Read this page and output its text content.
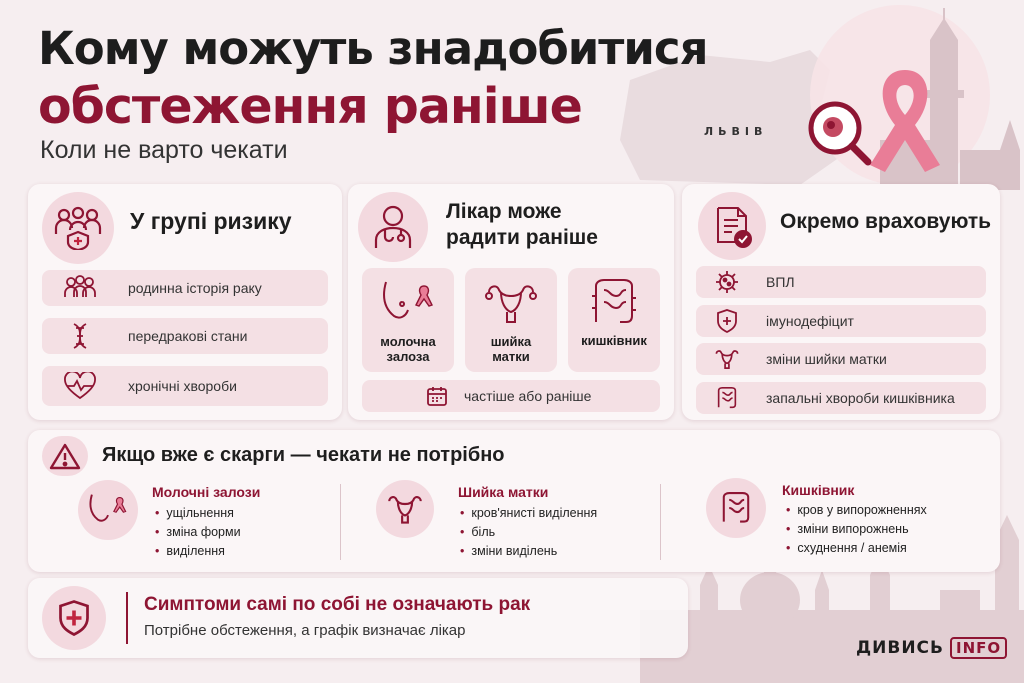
Кому можуть знадобитися
обстеження раніше
Коли не варто чекати
ЛЬВІВ
У групі ризику
родинна історія раку
передракові стани
хронічні хвороби
Лікар може
радити раніше
молочна
залоза
шийка
матки
кишківник
частіше або раніше
Окремо враховують
ВПЛ
імунодефіцит
зміни шийки матки
запальні хвороби кишківника
Якщо вже є скарги — чекати не потрібно
Молочні залози
• ущільнення
• зміна форми
• виділення
Шийка матки
• кров'янисті виділення
• біль
• зміни виділень
Кишківник
• кров у випорожненнях
• зміни випорожнень
• схуднення / анемія
Симптоми самі по собі не означають рак
Потрібне обстеження, а графік визначає лікар
ДИВИСЬ INFO
